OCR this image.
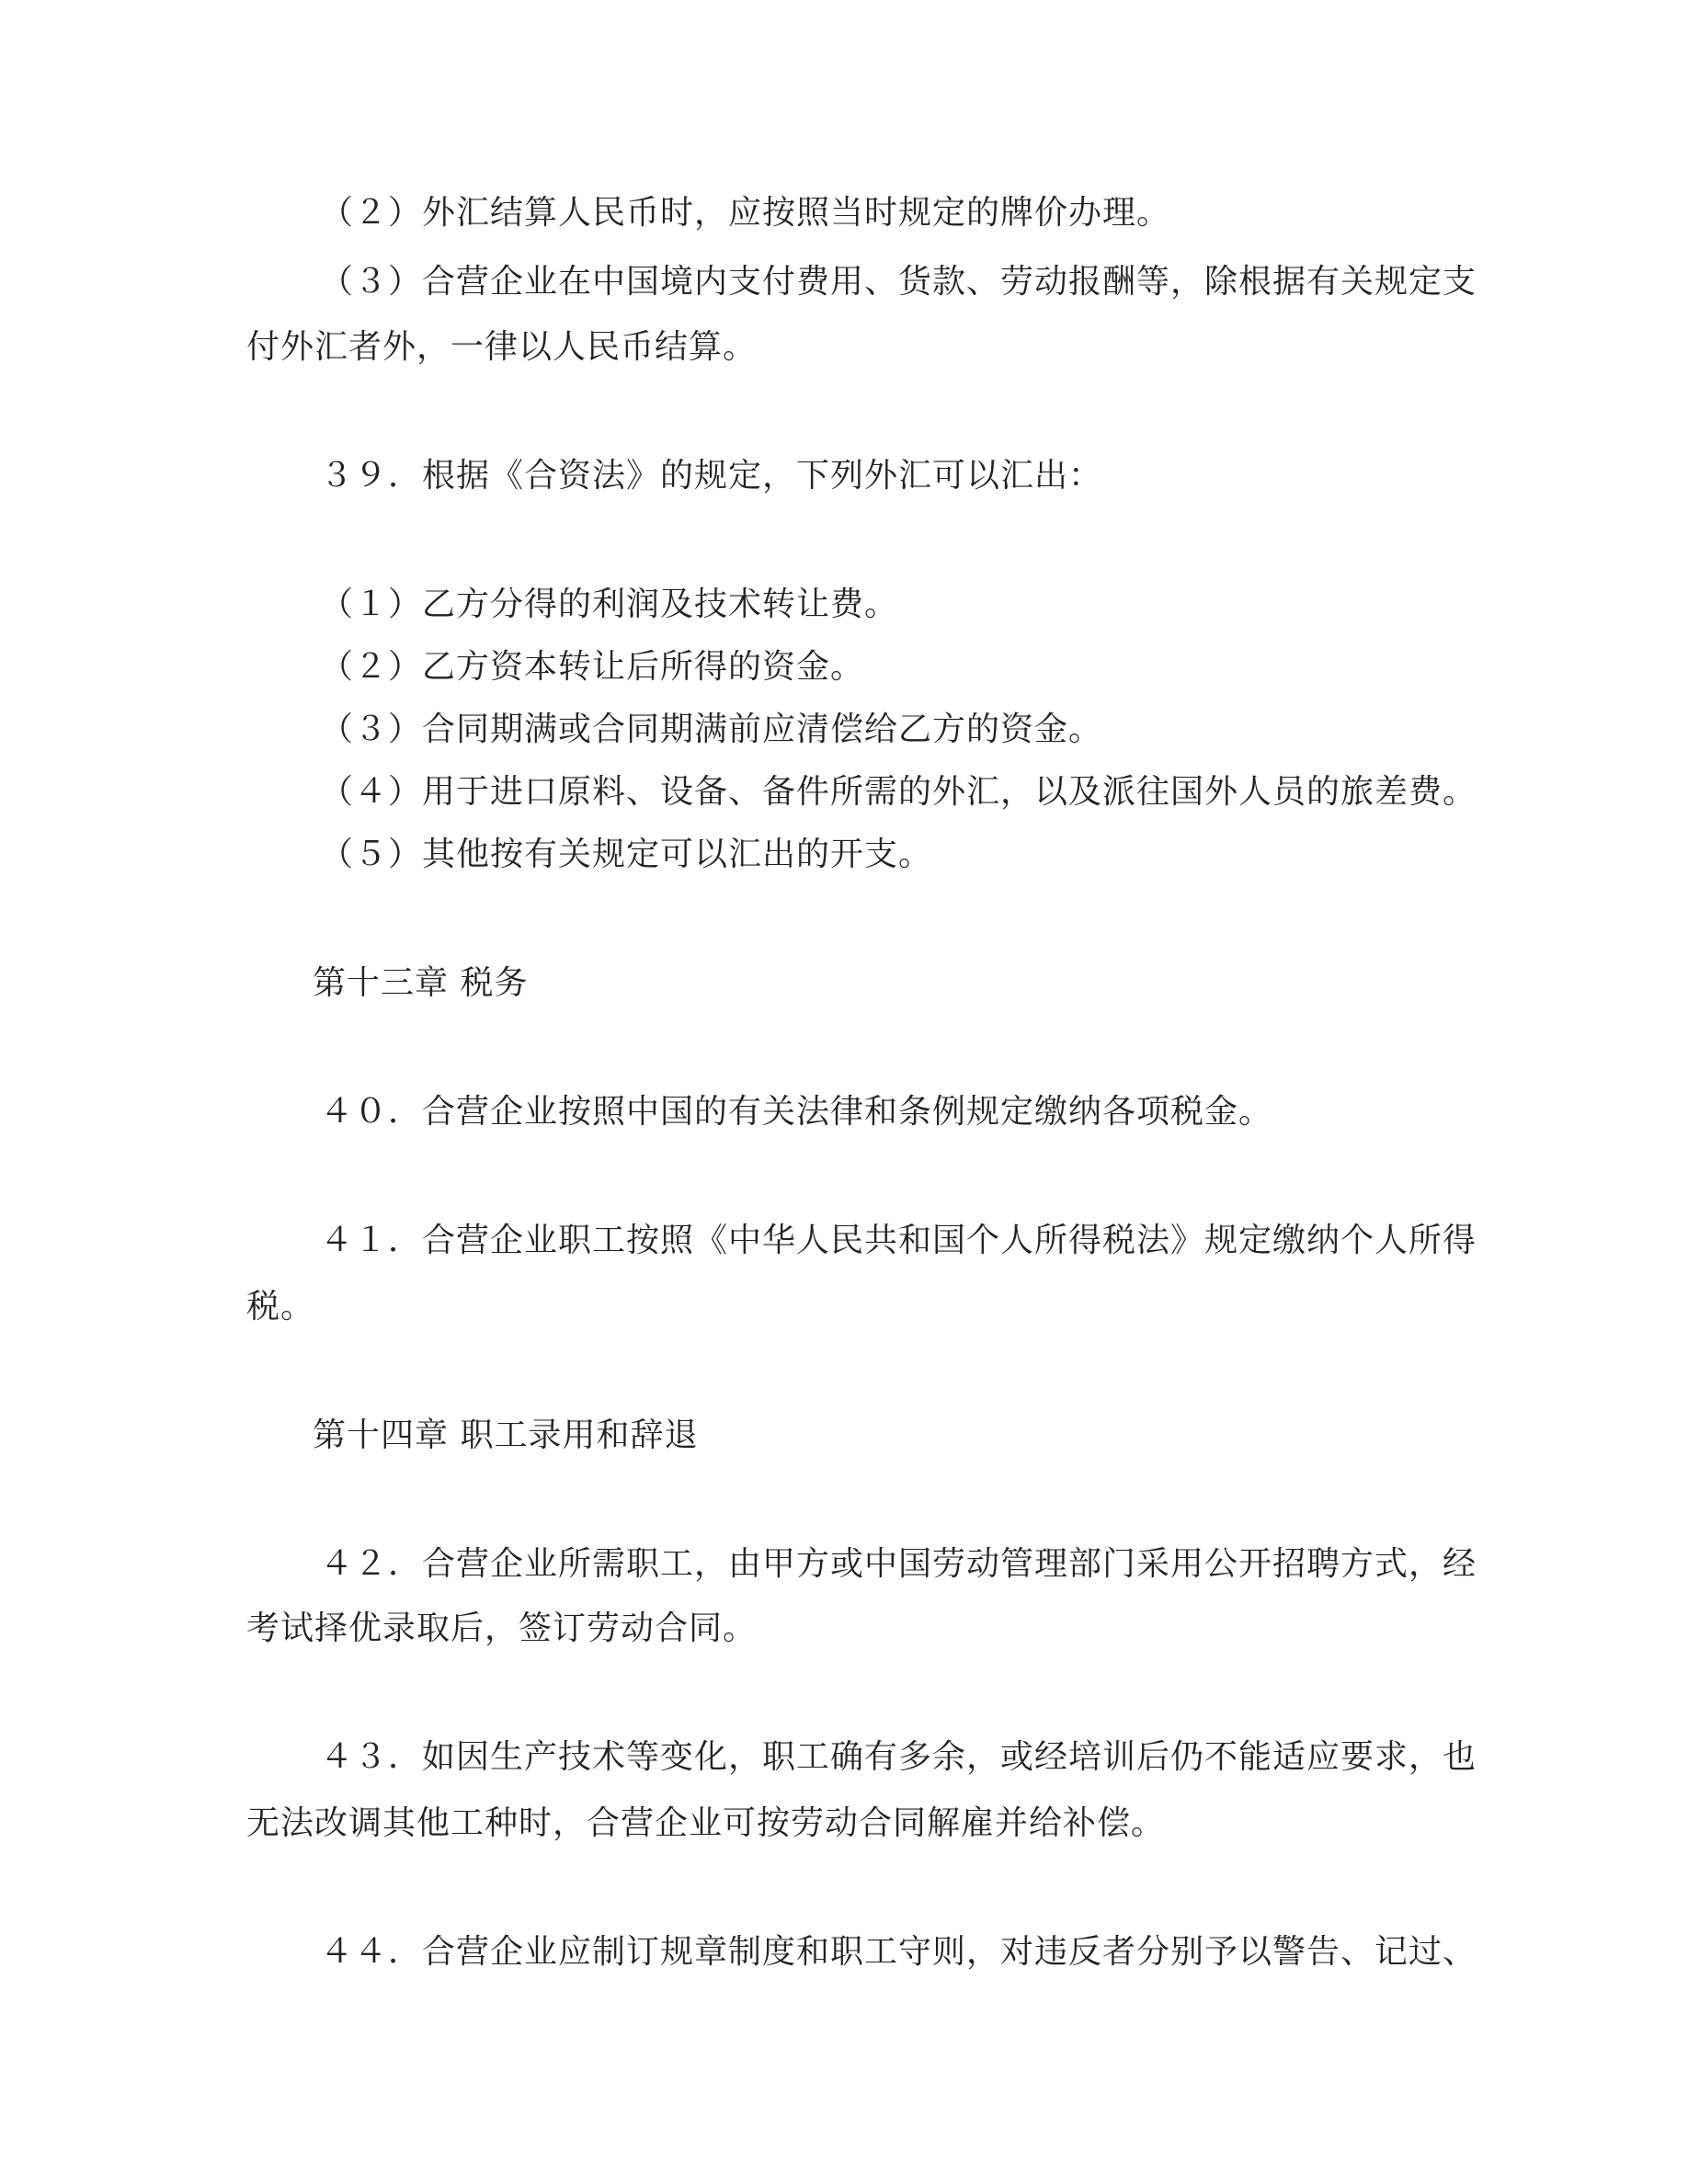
（２）外汇结算人民币时，应按照当时规定的牌价办理。
（３）合营企业在中国境内支付费用、货款、劳动报酬等，除根据有关规定支
付外汇者外，一律以人民币结算。
３９．根据《合资法》的规定，下列外汇可以汇出：
（１）乙方分得的利润及技术转让费。
（２）乙方资本转让后所得的资金。
（３）合同期满或合同期满前应清偿给乙方的资金。
（４）用于进口原料、设备、备件所需的外汇，以及派往国外人员的旅差费。
（５）其他按有关规定可以汇出的开支。
第十三章 税务
４０．合营企业按照中国的有关法律和条例规定缴纳各项税金。
４１．合营企业职工按照《中华人民共和国个人所得税法》规定缴纳个人所得
税。
第十四章 职工录用和辞退
４２．合营企业所需职工，由甲方或中国劳动管理部门采用公开招聘方式，经
考试择优录取后，签订劳动合同。
４３．如因生产技术等变化，职工确有多余，或经培训后仍不能适应要求，也
无法改调其他工种时，合营企业可按劳动合同解雇并给补偿。
４４．合营企业应制订规章制度和职工守则，对违反者分别予以警告、记过、
